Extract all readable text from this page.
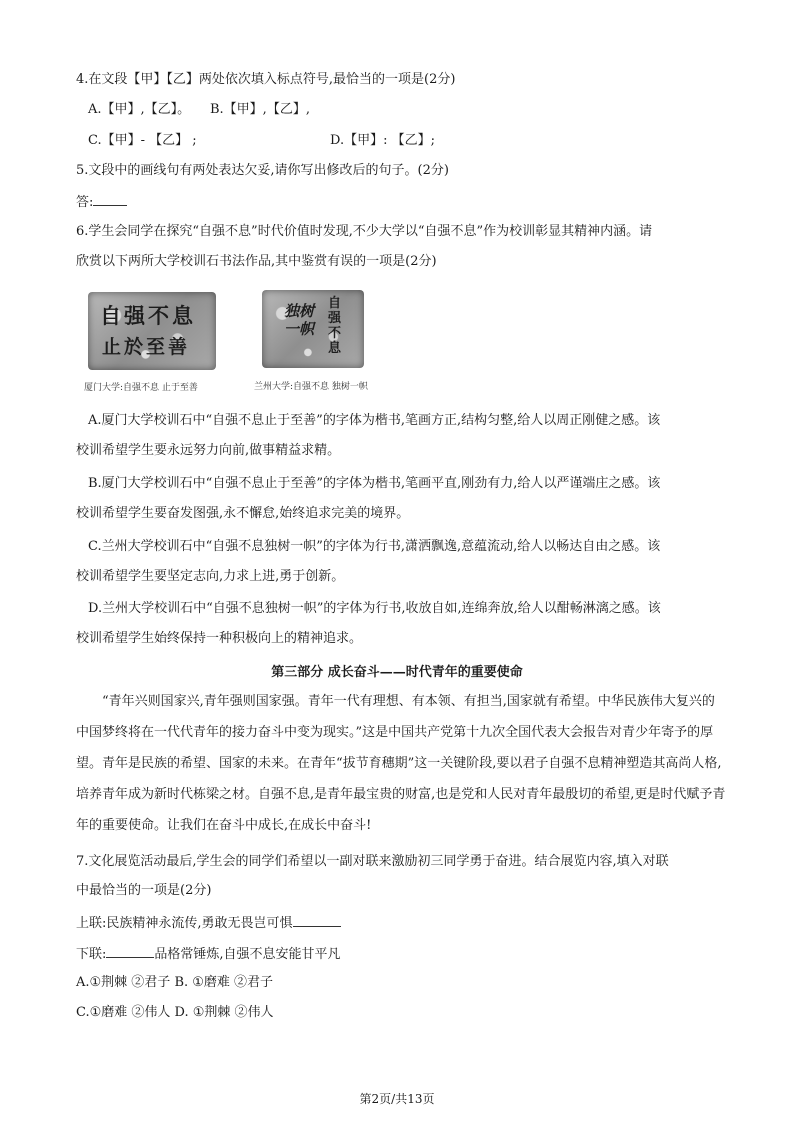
4.在文段【甲】【乙】两处依次填入标点符号,最恰当的一项是(2分)
A.【甲】,【乙】。 B.【甲】,【乙】,
C.【甲】- 【乙】 ;	D.【甲】: 【乙】;
5.文段中的画线句有两处表达欠妥,请你写出修改后的句子。(2分)
答:
6.学生会同学在探究“自强不息”时代价值时发现,不少大学以“自强不息”作为校训彰显其精神内涵。请
欣赏以下两所大学校训石书法作品,其中鉴赏有误的一项是(2分)
自强不息
止於至善
厦门大学:自强不息 止于至善
自强不息
独树一帜
兰州大学:自强不息 独树一帜
A.厦门大学校训石中“自强不息止于至善”的字体为楷书,笔画方正,结构匀整,给人以周正刚健之感。该
校训希望学生要永远努力向前,做事精益求精。
B.厦门大学校训石中“自强不息止于至善”的字体为楷书,笔画平直,刚劲有力,给人以严谨端庄之感。该
校训希望学生要奋发图强,永不懈怠,始终追求完美的境界。
C.兰州大学校训石中“自强不息独树一帜”的字体为行书,潇洒飘逸,意蕴流动,给人以畅达自由之感。该
校训希望学生要坚定志向,力求上进,勇于创新。
D.兰州大学校训石中“自强不息独树一帜”的字体为行书,收放自如,连绵奔放,给人以酣畅淋漓之感。该
校训希望学生始终保持一种积极向上的精神追求。
第三部分 成长奋斗——时代青年的重要使命
“青年兴则国家兴,青年强则国家强。青年一代有理想、有本领、有担当,国家就有希望。中华民族伟大复兴的中国梦终将在一代代青年的接力奋斗中变为现实。”这是中国共产党第十九次全国代表大会报告对青少年寄予的厚望。青年是民族的希望、国家的未来。在青年“拔节育穗期”这一关键阶段,要以君子自强不息精神塑造其高尚人格,培养青年成为新时代栋梁之材。自强不息,是青年最宝贵的财富,也是党和人民对青年最殷切的希望,更是时代赋予青年的重要使命。让我们在奋斗中成长,在成长中奋斗!
7.文化展览活动最后,学生会的同学们希望以一副对联来激励初三同学勇于奋进。结合展览内容,填入对联
中最恰当的一项是(2分)
上联:民族精神永流传,勇敢无畏岂可惧
下联:	品格常锤炼,自强不息安能甘平凡
A.①荆棘 ②君子 B. ①磨难 ②君子
C.①磨难 ②伟人 D. ①荆棘 ②伟人
第2页/共13页
